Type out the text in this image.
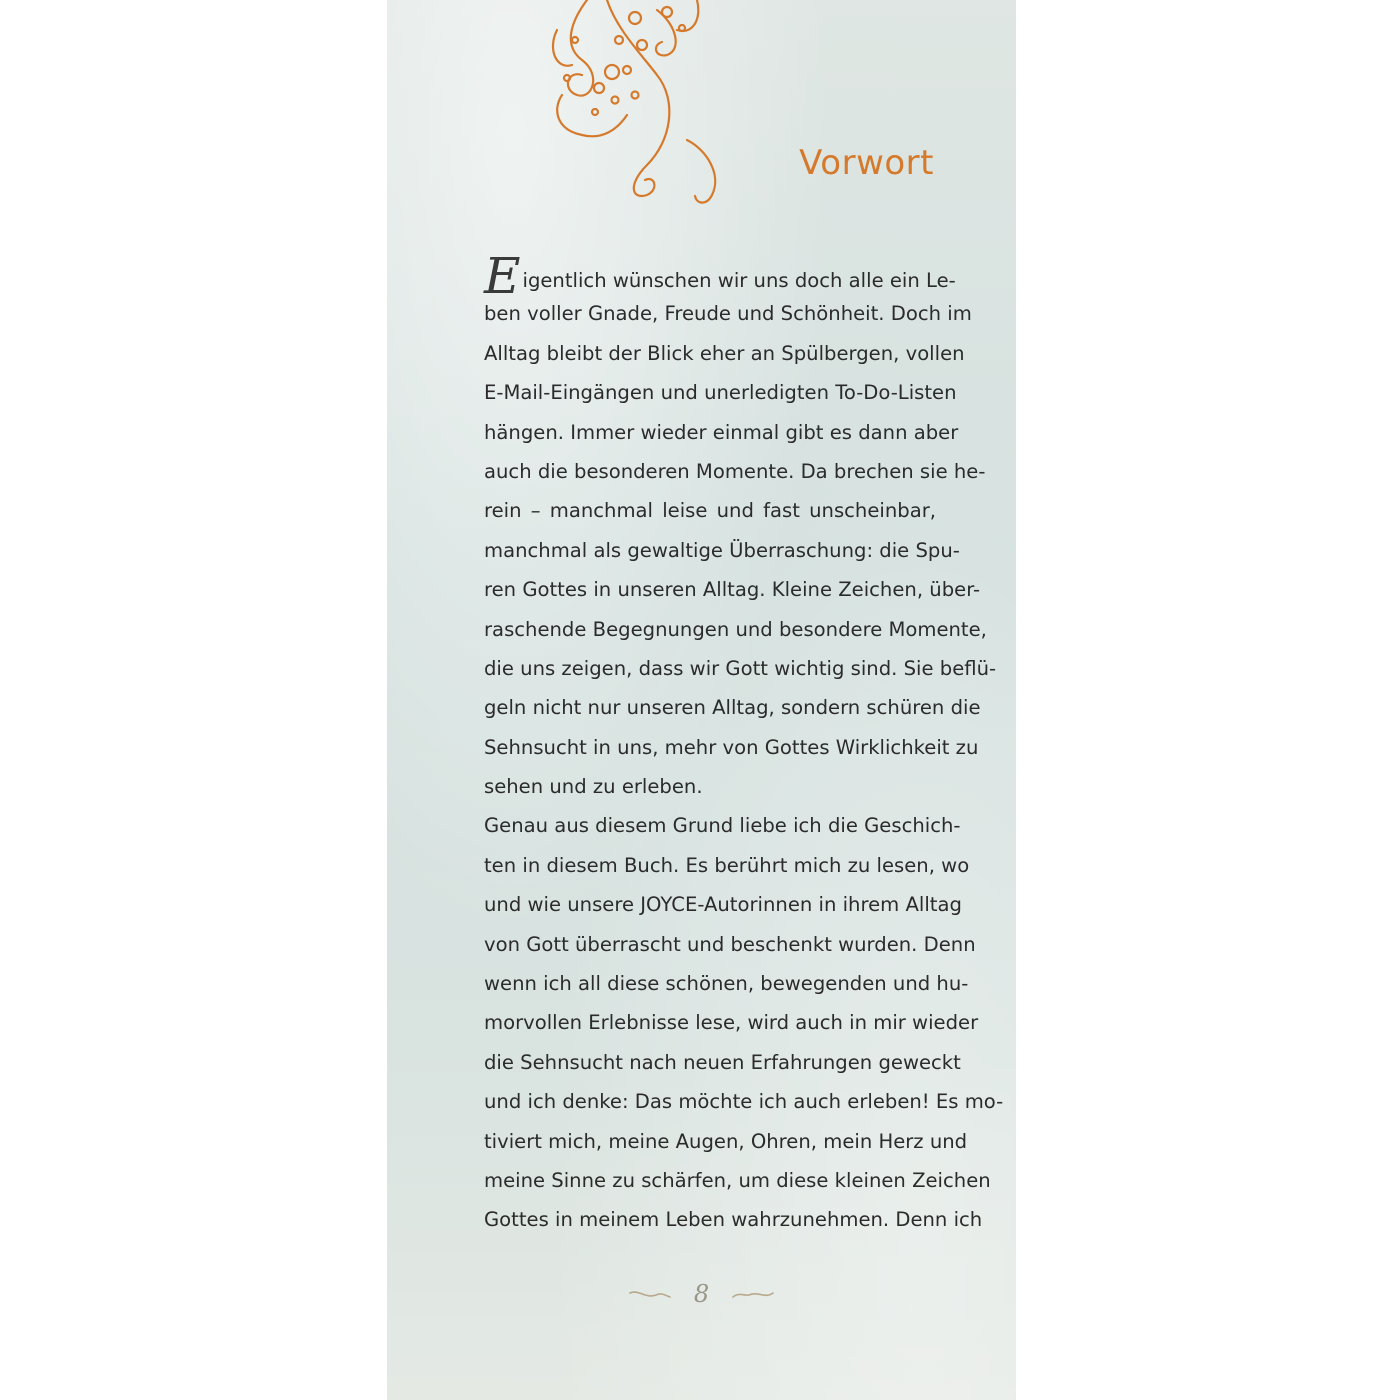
Vorwort
Eigentlich wünschen wir uns doch alle ein Le-
ben voller Gnade, Freude und Schönheit. Doch im
Alltag bleibt der Blick eher an Spülbergen, vollen
E-Mail-Eingängen und unerledigten To-Do-Listen
hängen. Immer wieder einmal gibt es dann aber
auch die besonderen Momente. Da brechen sie he-
rein – manchmal leise und fast unscheinbar,
manchmal als gewaltige Überraschung: die Spu-
ren Gottes in unseren Alltag. Kleine Zeichen, über-
raschende Begegnungen und besondere Momente,
die uns zeigen, dass wir Gott wichtig sind. Sie beflü-
geln nicht nur unseren Alltag, sondern schüren die
Sehnsucht in uns, mehr von Gottes Wirklichkeit zu
sehen und zu erleben.
Genau aus diesem Grund liebe ich die Geschich-
ten in diesem Buch. Es berührt mich zu lesen, wo
und wie unsere JOYCE-Autorinnen in ihrem Alltag
von Gott überrascht und beschenkt wurden. Denn
wenn ich all diese schönen, bewegenden und hu-
morvollen Erlebnisse lese, wird auch in mir wieder
die Sehnsucht nach neuen Erfahrungen geweckt
und ich denke: Das möchte ich auch erleben! Es mo-
tiviert mich, meine Augen, Ohren, mein Herz und
meine Sinne zu schärfen, um diese kleinen Zeichen
Gottes in meinem Leben wahrzunehmen. Denn ich
8
